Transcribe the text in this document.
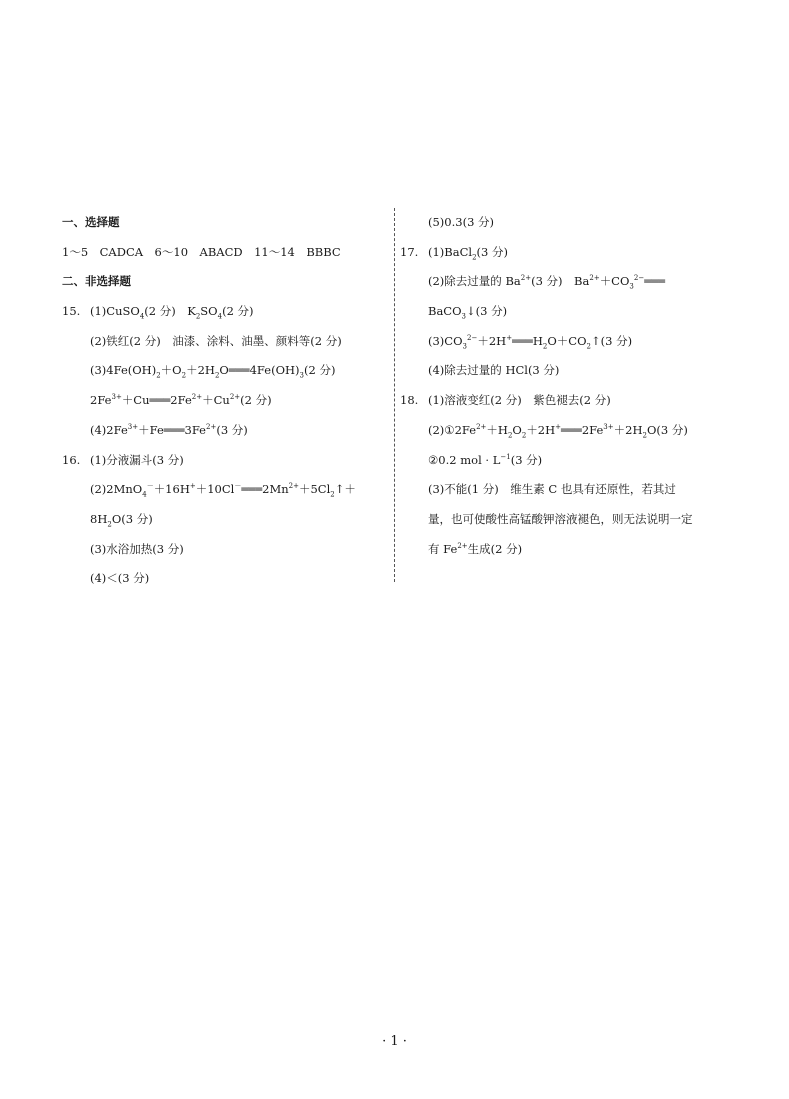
一、选择题
1～5　CADCA　6～10　ABACD　11～14　BBBC
二、非选择题
15. (1)CuSO$_4$(2 分)　$K_2SO_4(2$ 分)
(2)铁红(2 分)　油漆、涂料、油墨、颜料等(2 分)
$(3)4Fe(OH)_2+O_2+2H_2O═══4Fe(OH)_3(2$ 分)
$2Fe^{3+}+Cu═══2Fe^{2+}+Cu^{2+}(2$ 分)
$(4)2Fe^{3+}+Fe═══3Fe^{2+}(3$ 分)
16. (1)分液漏斗(3 分)
$(2)2MnO_4^-+16H^++10Cl^-═══2Mn^{2+}+5Cl_2↑+$
$8H_2O(3$ 分)
(3)水浴加热(3 分)
(4)＜(3 分)
(5)0.3(3 分)
17. (1)BaCl$_2$(3 分)
(2)除去过量的 $Ba^{2+}(3$ 分)　 $Ba^{2+}+CO_3^{2-}═══$
BaCO$_3$↓(3 分)
$(3)CO_3^{2-}+2H^+═══H_2O+CO_2↑(3$ 分)
(4)除去过量的 HCl(3 分)
18. (1)溶液变红(2 分)　紫色褪去(2 分)
$(2)①2Fe^{2+}+H_2O_2+2H^+═══2Fe^{3+}+2H_2O(3$ 分)
②0.2 mol · $L^{-1}(3$ 分)
(3)不能(1 分)　维生素 C 也具有还原性，若其过
量，也可使酸性高锰酸钾溶液褪色，则无法说明一定
有 $Fe^{2+}$生成(2 分)
· 1 ·
